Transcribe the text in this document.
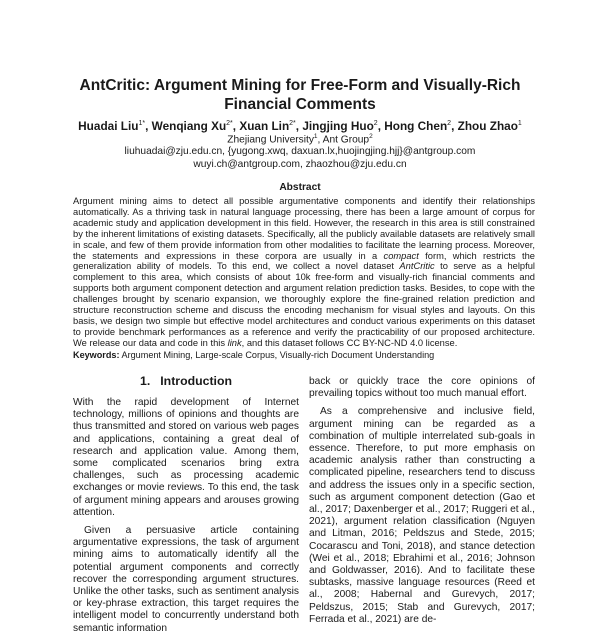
AntCritic: Argument Mining for Free-Form and Visually-Rich
Financial Comments
Huadai Liu$^{1*}$, Wenqiang $Xu^{2*}$, Xuan Lin$^{2*}$, Jingjing Huo$^2$, Hong Chen$^2$, Zhou Zhao$^1$
Zhejiang University$^1$, Ant Group$^2$
liuhuadai@zju.edu.cn, {yugong.xwq, daxuan.lx,huojingjing.hjj}@antgroup.com
wuyi.ch@antgroup.com, zhaozhou@zju.edu.cn
Abstract
Argument mining aims to detect all possible argumentative components and identify their relationships automatically. As a thriving task in natural language processing, there has been a large amount of corpus for academic study and application development in this field. However, the research in this area is still constrained by the inherent limitations of existing datasets. Specifically, all the publicly available datasets are relatively small in scale, and few of them provide information from other modalities to facilitate the learning process. Moreover, the statements and expressions in these corpora are usually in a compact form, which restricts the generalization ability of models. To this end, we collect a novel dataset AntCritic to serve as a helpful complement to this area, which consists of about 10k free-form and visually-rich financial comments and supports both argument component detection and argument relation prediction tasks. Besides, to cope with the challenges brought by scenario expansion, we thoroughly explore the fine-grained relation prediction and structure reconstruction scheme and discuss the encoding mechanism for visual styles and layouts. On this basis, we design two simple but effective model architectures and conduct various experiments on this dataset to provide benchmark performances as a reference and verify the practicability of our proposed architecture. We release our data and code in this link, and this dataset follows CC BY-NC-ND 4.0 license.
Keywords: Argument Mining, Large-scale Corpus, Visually-rich Document Understanding
1. Introduction

With the rapid development of Internet technology, millions of opinions and thoughts are thus transmitted and stored on various web pages and applications, containing a great deal of research and application value. Among them, some complicated scenarios bring extra challenges, such as processing academic exchanges or movie reviews. To this end, the task of argument mining appears and arouses growing attention.

Given a persuasive article containing argumentative expressions, the task of argument mining aims to automatically identify all the potential argument components and correctly recover the corresponding argument structures. Unlike the other tasks, such as sentiment analysis or key-phrase extraction, this target requires the intelligent model to concurrently understand both semantic information

back or quickly trace the core opinions of prevailing topics without too much manual effort.

As a comprehensive and inclusive field, argument mining can be regarded as a combination of multiple interrelated sub-goals in essence. Therefore, to put more emphasis on academic analysis rather than constructing a complicated pipeline, researchers tend to discuss and address the issues only in a specific section, such as argument component detection (Gao et al., 2017; Daxenberger et al., 2017; Ruggeri et al., 2021), argument relation classification (Nguyen and Litman, 2016; Peldszus and Stede, 2015; Cocarascu and Toni, 2018), and stance detection (Wei et al., 2018; Ebrahimi et al., 2016; Johnson and Goldwasser, 2016). And to facilitate these subtasks, massive language resources (Reed et al., 2008; Habernal and Gurevych, 2017; Peldszus, 2015; Stab and Gurevych, 2017; Ferrada et al., 2021) are de-
